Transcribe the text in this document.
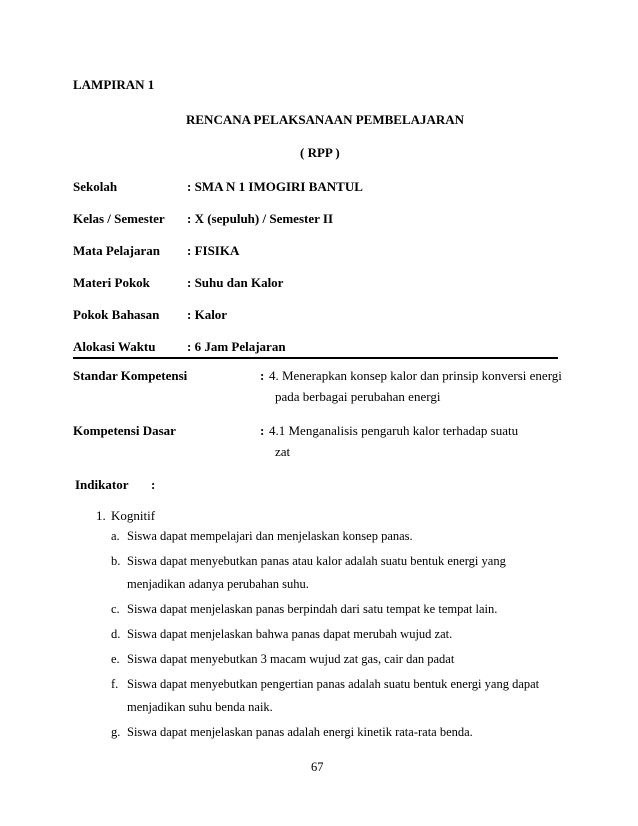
LAMPIRAN 1
RENCANA PELAKSANAAN PEMBELAJARAN
( RPP )
Sekolah	: SMA N 1 IMOGIRI BANTUL
Kelas / Semester : X (sepuluh) / Semester II
Mata Pelajaran : FISIKA
Materi Pokok	: Suhu dan Kalor
Pokok Bahasan : Kalor
Alokasi Waktu : 6 Jam Pelajaran
Standar Kompetensi	: 4. Menerapkan konsep kalor dan prinsip konversi energi
pada berbagai perubahan energi
Kompetensi Dasar	: 4.1 Menganalisis pengaruh kalor terhadap suatu
zat
Indikator :
1. Kognitif
a. Siswa dapat mempelajari dan menjelaskan konsep panas.
b. Siswa dapat menyebutkan panas atau kalor adalah suatu bentuk energi yang
menjadikan adanya perubahan suhu.
c. Siswa dapat menjelaskan panas berpindah dari satu tempat ke tempat lain.
d. Siswa dapat menjelaskan bahwa panas dapat merubah wujud zat.
e. Siswa dapat menyebutkan 3 macam wujud zat gas, cair dan padat
f. Siswa dapat menyebutkan pengertian panas adalah suatu bentuk energi yang dapat
menjadikan suhu benda naik.
g. Siswa dapat menjelaskan panas adalah energi kinetik rata-rata benda.
67
